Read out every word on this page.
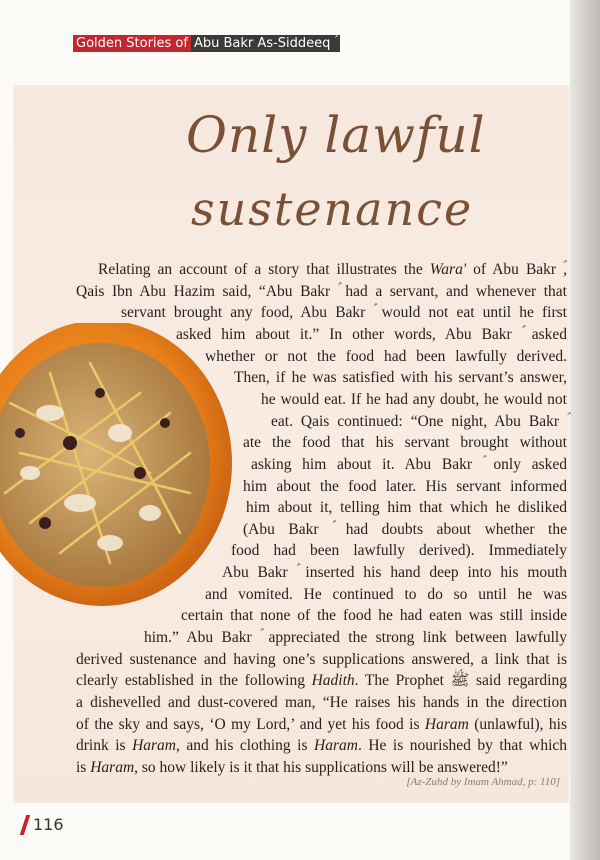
Golden Stories of Abu Bakr As-Siddeeq ؑ
Only lawful
sustenance
Relating an account of a story that illustrates the Wara' of Abu Bakr ؑ,
Qais Ibn Abu Hazim said, “Abu Bakr ؑ had a servant, and whenever that
servant brought any food, Abu Bakr ؑ would not eat until he first
asked him about it.” In other words, Abu Bakr ؑ asked
whether or not the food had been lawfully derived.
Then, if he was satisfied with his servant’s answer,
he would eat. If he had any doubt, he would not
eat. Qais continued: “One night, Abu Bakr ؑ
ate the food that his servant brought without
asking him about it. Abu Bakr ؑ only asked
him about the food later. His servant informed
him about it, telling him that which he disliked
(Abu Bakr ؑ had doubts about whether the
food had been lawfully derived). Immediately
Abu Bakr ؑ inserted his hand deep into his mouth
and vomited. He continued to do so until he was
certain that none of the food he had eaten was still inside
him.” Abu Bakr ؑ appreciated the strong link between lawfully
derived sustenance and having one’s supplications answered, a link that is
clearly established in the following Hadith. The Prophet ﷺ said regarding
a dishevelled and dust-covered man, “He raises his hands in the direction
of the sky and says, ‘O my Lord,’ and yet his food is Haram (unlawful), his
drink is Haram, and his clothing is Haram. He is nourished by that which
is Haram, so how likely is it that his supplications will be answered!”
[Az-Zuhd by Imam Ahmad, p: 110]
116
